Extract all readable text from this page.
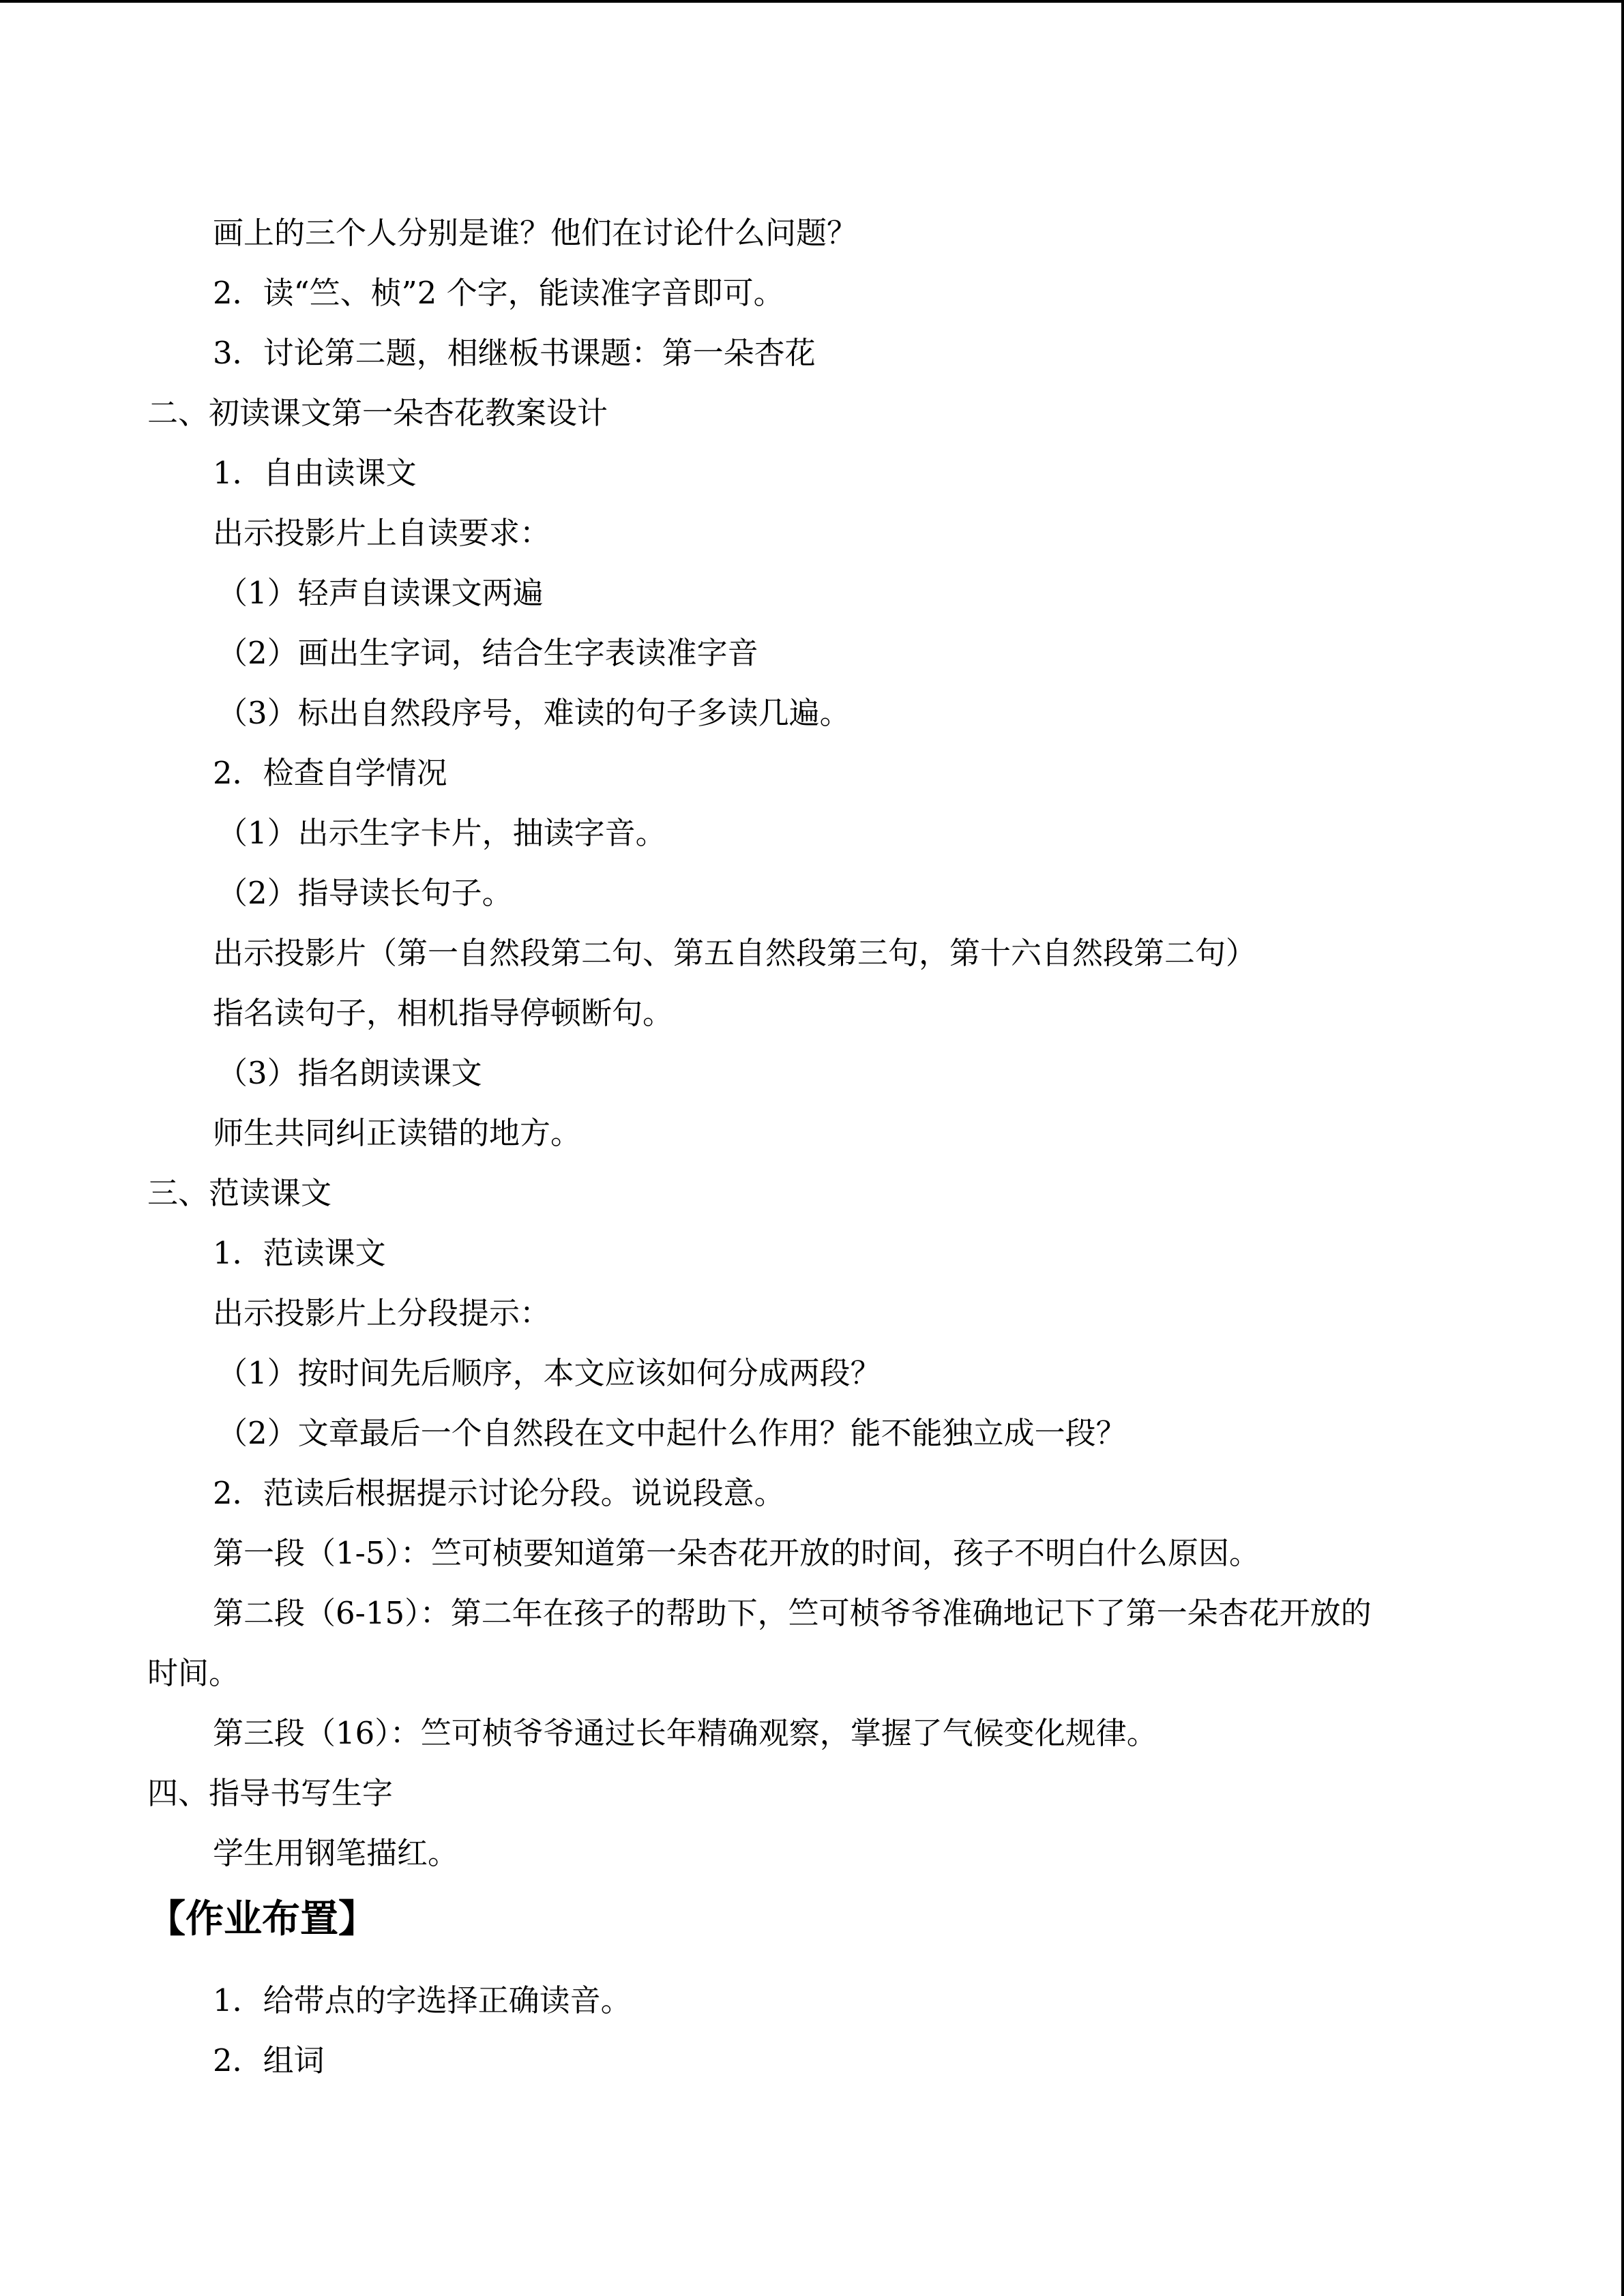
画上的三个人分别是谁？他们在讨论什么问题？
2．读“竺、桢”2 个字，能读准字音即可。
3．讨论第二题，相继板书课题：第一朵杏花
二、初读课文第一朵杏花教案设计
1．自由读课文
出示投影片上自读要求：
（1）轻声自读课文两遍
（2）画出生字词，结合生字表读准字音
（3）标出自然段序号，难读的句子多读几遍。
2．检查自学情况
（1）出示生字卡片，抽读字音。
（2）指导读长句子。
出示投影片（第一自然段第二句、第五自然段第三句，第十六自然段第二句）
指名读句子，相机指导停顿断句。
（3）指名朗读课文
师生共同纠正读错的地方。
三、范读课文
1．范读课文
出示投影片上分段提示：
（1）按时间先后顺序，本文应该如何分成两段？
（2）文章最后一个自然段在文中起什么作用？能不能独立成一段？
2．范读后根据提示讨论分段。说说段意。
第一段（1-5）：竺可桢要知道第一朵杏花开放的时间，孩子不明白什么原因。
第二段（6-15）：第二年在孩子的帮助下，竺可桢爷爷准确地记下了第一朵杏花开放的
时间。
第三段（16）：竺可桢爷爷通过长年精确观察，掌握了气候变化规律。
四、指导书写生字
学生用钢笔描红。
【作业布置】
1．给带点的字选择正确读音。
2．组词
